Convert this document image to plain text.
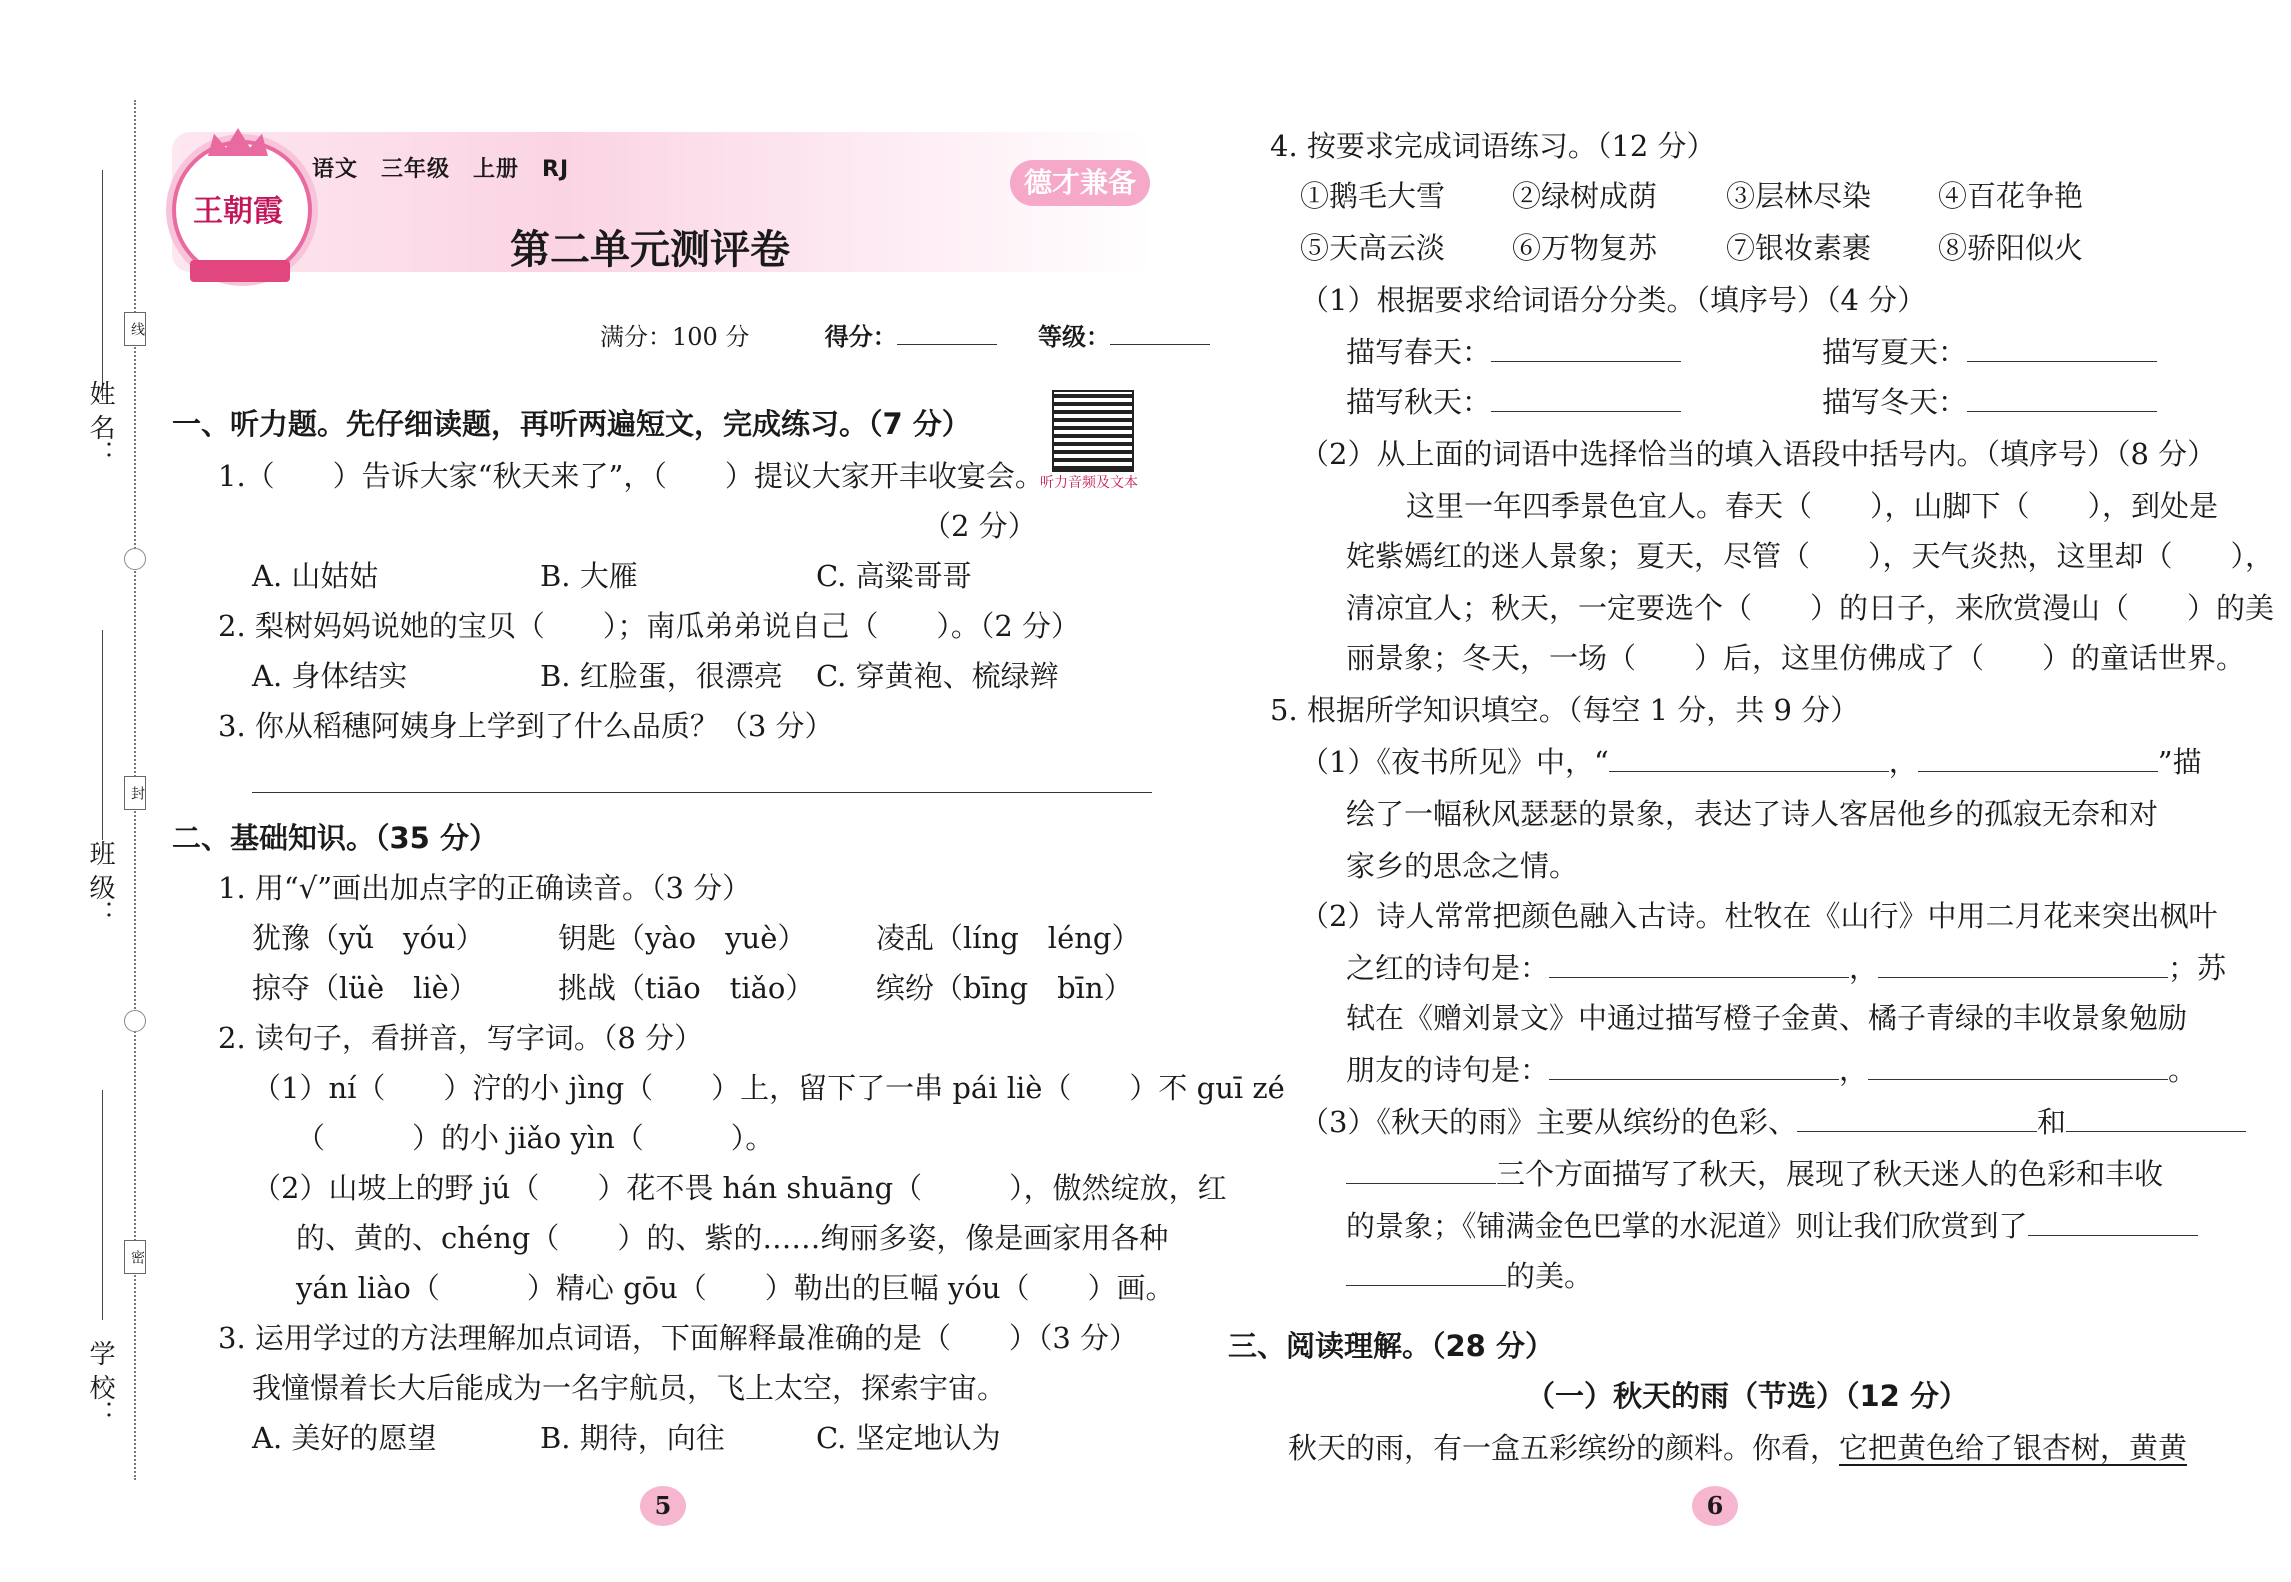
姓 名：
线
班 级：
封
学 校：
密
王朝霞
语文　三年级　上册　RJ	德才兼备
第二单元测评卷
满分：100 分	得分：	等级：
听力音频及文本
一、听力题。先仔细读题，再听两遍短文，完成练习。（7 分）
1.（　　）告诉大家“秋天来了”，（　　）提议大家开丰收宴会。
（2 分）
A. 山姑姑	B. 大雁	C. 高粱哥哥
2. 梨树妈妈说她的宝贝（　　）；南瓜弟弟说自己（　　）。（2 分）
A. 身体结实	B. 红脸蛋，很漂亮 C. 穿黄袍、梳绿辫
3. 你从稻穗阿姨身上学到了什么品质？（3 分）
二、基础知识。（35 分）
1. 用“√”画出加点字的正确读音。（3 分）
犹豫（yǔ　yóu）	钥匙（yào　yuè） 凌乱（líng　léng）
掠夺（lüè　liè）	挑战（tiāo　tiǎo） 缤纷（bīng　bīn）
2. 读句子，看拼音，写字词。（8 分）
（1）ní（　　）泞的小 jìng（　　）上，留下了一串 pái liè（　　）不 guī zé
（　　　）的小 jiǎo yìn（　　　）。
（2）山坡上的野 jú（　　）花不畏 hán shuāng（　　　），傲然绽放，红
的、黄的、chéng（　　）的、紫的……绚丽多姿，像是画家用各种
yán liào（　　　）精心 gōu（　　）勒出的巨幅 yóu（　　）画。
3. 运用学过的方法理解加点词语，下面解释最准确的是（　　）（3 分）
我憧憬着长大后能成为一名宇航员，飞上太空，探索宇宙。
A. 美好的愿望	B. 期待，向往	C. 坚定地认为
5
4. 按要求完成词语练习。（12 分）
①鹅毛大雪 ②绿树成荫 ③层林尽染 ④百花争艳
⑤天高云淡 ⑥万物复苏 ⑦银妆素裹 ⑧骄阳似火
（1）根据要求给词语分分类。（填序号）（4 分）
描写春天：	描写夏天：
描写秋天：	描写冬天：
（2）从上面的词语中选择恰当的填入语段中括号内。（填序号）（8 分）
这里一年四季景色宜人。春天（　　），山脚下（　　），到处是
姹紫嫣红的迷人景象；夏天，尽管（　　），天气炎热，这里却（　　），
清凉宜人；秋天，一定要选个（　　）的日子，来欣赏漫山（　　）的美
丽景象；冬天，一场（　　）后，这里仿佛成了（　　）的童话世界。
5. 根据所学知识填空。（每空 1 分，共 9 分）
（1）《夜书所见》中，“	，	”描
绘了一幅秋风瑟瑟的景象，表达了诗人客居他乡的孤寂无奈和对
家乡的思念之情。
（2）诗人常常把颜色融入古诗。杜牧在《山行》中用二月花来突出枫叶
之红的诗句是：	，	；苏
轼在《赠刘景文》中通过描写橙子金黄、橘子青绿的丰收景象勉励
朋友的诗句是：	，	。
（3）《秋天的雨》主要从缤纷的色彩、	和
三个方面描写了秋天，展现了秋天迷人的色彩和丰收
的景象；《铺满金色巴掌的水泥道》则让我们欣赏到了
的美。
三、阅读理解。（28 分）
（一）秋天的雨（节选）（12 分）
秋天的雨，有一盒五彩缤纷的颜料。你看，它把黄色给了银杏树，黄黄
6
